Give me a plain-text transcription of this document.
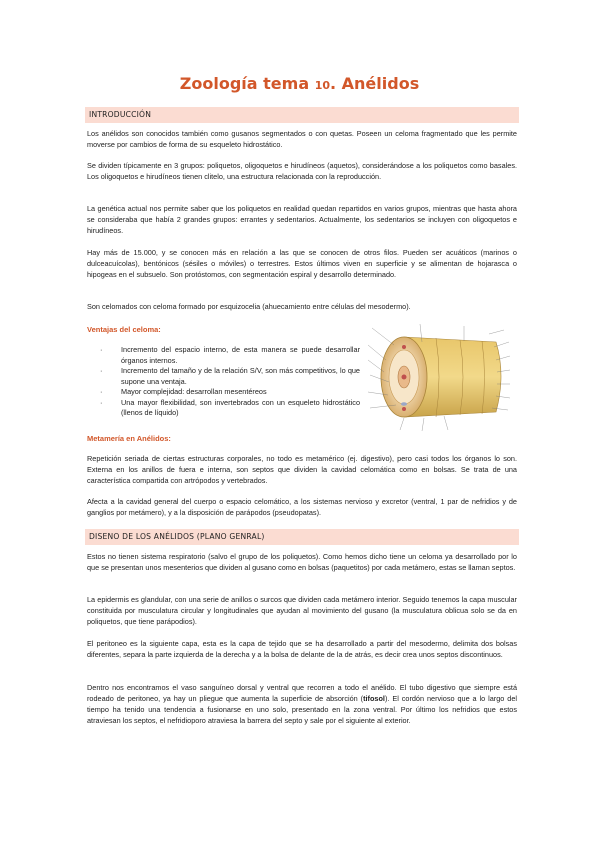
Zoología tema 10. Anélidos
INTRODUCCIÓN

Los anélidos son conocidos también como gusanos segmentados o con quetas. Poseen un celoma fragmentado que les permite moverse por cambios de forma de su esqueleto hidrostático.

Se dividen típicamente en 3 grupos: poliquetos, oligoquetos e hirudíneos (aquetos), considerándose a los poliquetos como basales. Los oligoquetos e hirudíneos tienen clitelo, una estructura relacionada con la reproducción.

La genética actual nos permite saber que los poliquetos en realidad quedan repartidos en varios grupos, mientras que hasta ahora se consideraba que había 2 grandes grupos: errantes y sedentarios. Actualmente, los sedentarios se incluyen con oligoquetos e hirudíneos.

Hay más de 15.000, y se conocen más en relación a las que se conocen de otros filos. Pueden ser acuáticos (marinos o dulceacuícolas), bentónicos (sésiles o móviles) o terrestres. Estos últimos viven en superficie y se alimentan de hojarasca o hipogeas en el subsuelo. Son protóstomos, con segmentación espiral y desarrollo determinado.

Son celomados con celoma formado por esquizocelia (ahuecamiento entre células del mesodermo).

Ventajas del celoma:

· Incremento del espacio interno, de esta manera se puede desarrollar órganos internos.
· Incremento del tamaño y de la relación S/V, son más competitivos, lo que supone una ventaja.
· Mayor complejidad: desarrollan mesentéreos
· Una mayor flexibilidad, son invertebrados con un esqueleto hidrostático (llenos de líquido)

Metamería en Anélidos:

Repetición seriada de ciertas estructuras corporales, no todo es metamérico (ej. digestivo), pero casi todos los órganos lo son. Externa en los anillos de fuera e interna, son septos que dividen la cavidad celomática como en bolsas. Se trata de una característica compartida con artrópodos y vertebrados.

Afecta a la cavidad general del cuerpo o espacio celomático, a los sistemas nervioso y excretor (ventral, 1 par de nefridios y de ganglios por metámero), y a la disposición de parápodos (pseudopatas).

DISENO DE LOS ANÉLIDOS (PLANO GENRAL)

Estos no tienen sistema respiratorio (salvo el grupo de los poliquetos). Como hemos dicho tiene un celoma ya desarrollado por lo que se presentan unos mesenterios que dividen al gusano como en bolsas (paquetitos) por cada metámero, estas se llaman septos.

La epidermis es glandular, con una serie de anillos o surcos que dividen cada metámero interior. Seguido tenemos la capa muscular constituida por musculatura circular y longitudinales que ayudan al movimiento del gusano (la musculatura oblicua solo se da en poliquetos, que tiene parápodios).

El peritoneo es la siguiente capa, esta es la capa de tejido que se ha desarrollado a partir del mesodermo, delimita dos bolsas diferentes, separa la parte izquierda de la derecha y a la bolsa de delante de la de atrás, es decir crea unos septos discontinuos.

Dentro nos encontramos el vaso sanguíneo dorsal y ventral que recorren a todo el anélido. El tubo digestivo que siempre está rodeado de peritoneo, ya hay un pliegue que aumenta la superficie de absorción (tifosol). El cordón nervioso que a lo largo del tiempo ha tenido una tendencia a fusionarse en uno solo, presentado en la zona ventral. Por último los nefridios que estos atraviesan los septos, el nefridioporo atraviesa la barrera del septo y sale por el siguiente al exterior.
